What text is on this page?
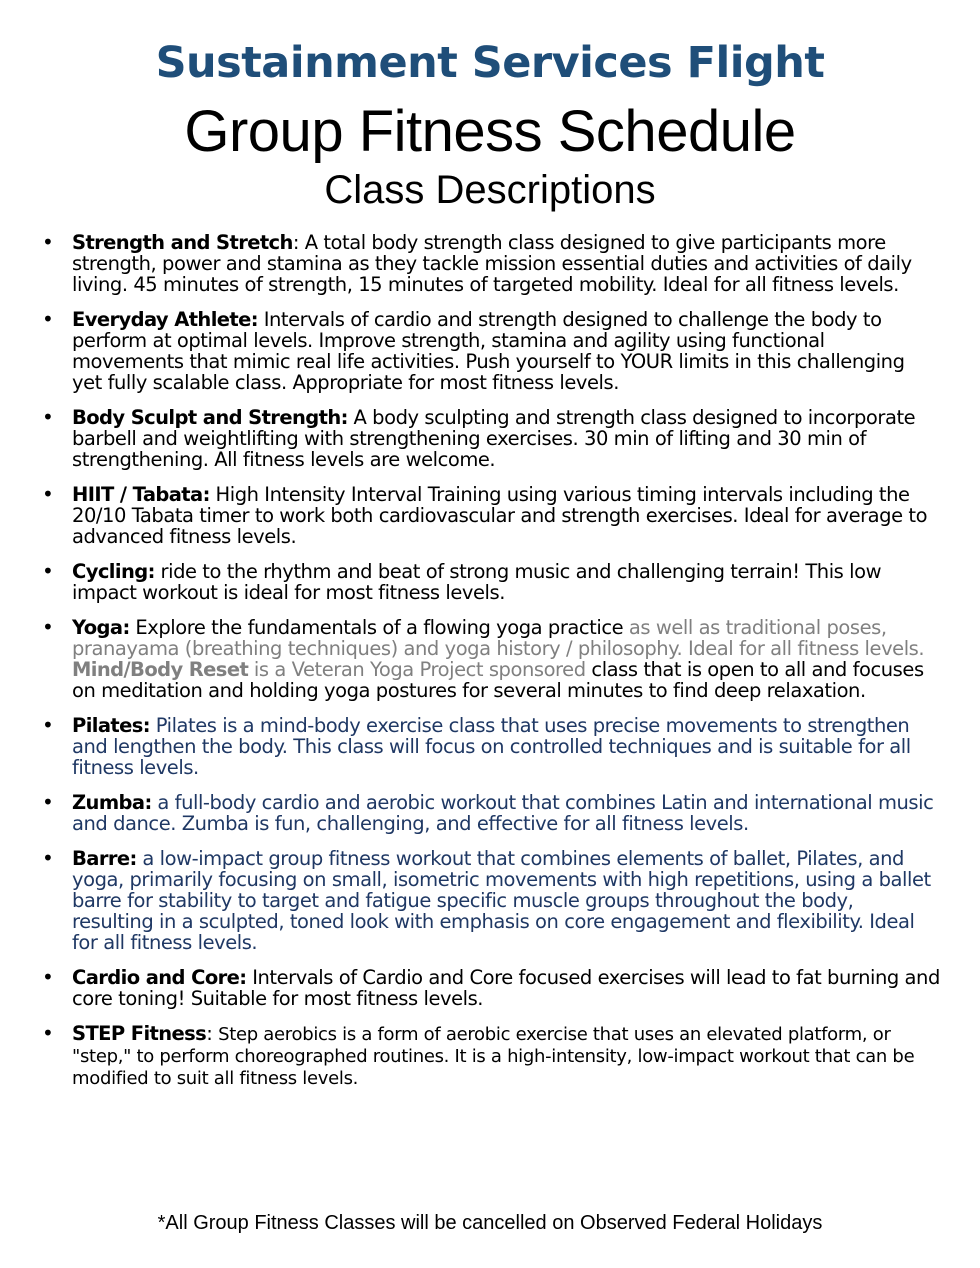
Sustainment Services Flight
Group Fitness Schedule
Class Descriptions
• Strength and Stretch: A total body strength class designed to give participants more strength, power and stamina as they tackle mission essential duties and activities of daily living. 45 minutes of strength, 15 minutes of targeted mobility. Ideal for all fitness levels.
• Everyday Athlete: Intervals of cardio and strength designed to challenge the body to perform at optimal levels. Improve strength, stamina and agility using functional movements that mimic real life activities. Push yourself to YOUR limits in this challenging yet fully scalable class. Appropriate for most fitness levels.
• Body Sculpt and Strength: A body sculpting and strength class designed to incorporate barbell and weightlifting with strengthening exercises. 30 min of lifting and 30 min of strengthening. All fitness levels are welcome.
• HIIT / Tabata: High Intensity Interval Training using various timing intervals including the 20/10 Tabata timer to work both cardiovascular and strength exercises. Ideal for average to advanced fitness levels.
• Cycling: ride to the rhythm and beat of strong music and challenging terrain! This low impact workout is ideal for most fitness levels.
• Yoga: Explore the fundamentals of a flowing yoga practice as well as traditional poses, pranayama (breathing techniques) and yoga history / philosophy. Ideal for all fitness levels. Mind/Body Reset is a Veteran Yoga Project sponsored class that is open to all and focuses on meditation and holding yoga postures for several minutes to find deep relaxation.
• Pilates: Pilates is a mind-body exercise class that uses precise movements to strengthen and lengthen the body. This class will focus on controlled techniques and is suitable for all fitness levels.
• Zumba: a full-body cardio and aerobic workout that combines Latin and international music and dance. Zumba is fun, challenging, and effective for all fitness levels.
• Barre: a low-impact group fitness workout that combines elements of ballet, Pilates, and yoga, primarily focusing on small, isometric movements with high repetitions, using a ballet barre for stability to target and fatigue specific muscle groups throughout the body, resulting in a sculpted, toned look with emphasis on core engagement and flexibility. Ideal for all fitness levels.
• Cardio and Core: Intervals of Cardio and Core focused exercises will lead to fat burning and core toning! Suitable for most fitness levels.
• STEP Fitness: Step aerobics is a form of aerobic exercise that uses an elevated platform, or "step," to perform choreographed routines. It is a high-intensity, low-impact workout that can be modified to suit all fitness levels.
*All Group Fitness Classes will be cancelled on Observed Federal Holidays
